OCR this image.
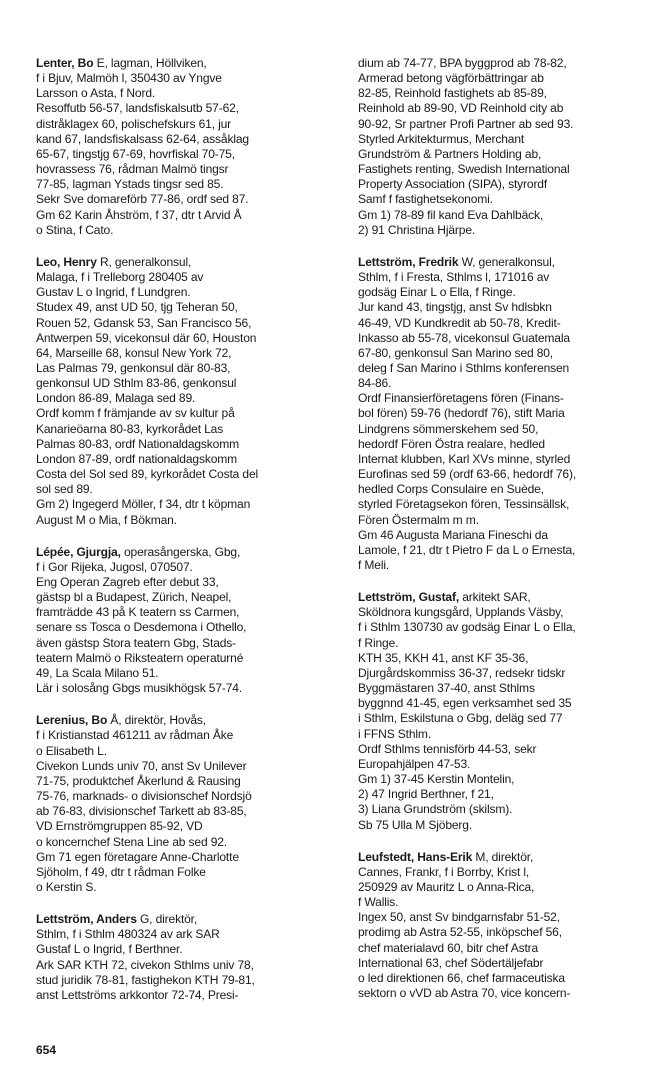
Lenter, Bo E, lagman, Höllviken,
f i Bjuv, Malmöh l, 350430 av Yngve
Larsson o Asta, f Nord.
Resoffutb 56-57, landsfiskalsutb 57-62,
distråklagex 60, polischefskurs 61, jur
kand 67, landsfiskalsass 62-64, assåklag
65-67, tingstjg 67-69, hovrfiskal 70-75,
hovrassess 76, rådman Malmö tingsr
77-85, lagman Ystads tingsr sed 85.
Sekr Sve domareförb 77-86, ordf sed 87.
Gm 62 Karin Åhström, f 37, dtr t Arvid Å
o Stina, f Cato.
Leo, Henry R, generalkonsul,
Malaga, f i Trelleborg 280405 av
Gustav L o Ingrid, f Lundgren.
Studex 49, anst UD 50, tjg Teheran 50,
Rouen 52, Gdansk 53, San Francisco 56,
Antwerpen 59, vicekonsul där 60, Houston
64, Marseille 68, konsul New York 72,
Las Palmas 79, genkonsul där 80-83,
genkonsul UD Sthlm 83-86, genkonsul
London 86-89, Malaga sed 89.
Ordf komm f främjande av sv kultur på
Kanarieöarna 80-83, kyrkorådet Las
Palmas 80-83, ordf Nationaldagskomm
London 87-89, ordf nationaldagskomm
Costa del Sol sed 89, kyrkorådet Costa del
sol sed 89.
Gm 2) Ingegerd Möller, f 34, dtr t köpman
August M o Mia, f Bökman.
Lépée, Gjurgja, operasångerska, Gbg,
f i Gor Rijeka, Jugosl, 070507.
Eng Operan Zagreb efter debut 33,
gästsp bl a Budapest, Zürich, Neapel,
framträdde 43 på K teatern ss Carmen,
senare ss Tosca o Desdemona i Othello,
även gästsp Stora teatern Gbg, Stads-
teatern Malmö o Riksteatern operaturné
49, La Scala Milano 51.
Lär i solosång Gbgs musikhögsk 57-74.
Lerenius, Bo Å, direktör, Hovås,
f i Kristianstad 461211 av rådman Åke
o Elisabeth L.
Civekon Lunds univ 70, anst Sv Unilever
71-75, produktchef Åkerlund & Rausing
75-76, marknads- o divisionschef Nordsjö
ab 76-83, divisionschef Tarkett ab 83-85,
VD Ernströmgruppen 85-92, VD
o koncernchef Stena Line ab sed 92.
Gm 71 egen företagare Anne-Charlotte
Sjöholm, f 49, dtr t rådman Folke
o Kerstin S.
Lettström, Anders G, direktör,
Sthlm, f i Sthlm 480324 av ark SAR
Gustaf L o Ingrid, f Berthner.
Ark SAR KTH 72, civekon Sthlms univ 78,
stud juridik 78-81, fastighekon KTH 79-81,
anst Lettströms arkkontor 72-74, Presi-
dium ab 74-77, BPA byggprod ab 78-82,
Armerad betong vägförbättringar ab
82-85, Reinhold fastighets ab 85-89,
Reinhold ab 89-90, VD Reinhold city ab
90-92, Sr partner Profi Partner ab sed 93.
Styrled Arkitekturmus, Merchant
Grundström & Partners Holding ab,
Fastighets renting, Swedish International
Property Association (SIPA), styrordf
Samf f fastighetsekonomi.
Gm 1) 78-89 fil kand Eva Dahlbäck,
2) 91 Christina Hjärpe.
Lettström, Fredrik W, generalkonsul,
Sthlm, f i Fresta, Sthlms l, 171016 av
godsäg Einar L o Ella, f Ringe.
Jur kand 43, tingstjg, anst Sv hdlsbkn
46-49, VD Kundkredit ab 50-78, Kredit-
Inkasso ab 55-78, vicekonsul Guatemala
67-80, genkonsul San Marino sed 80,
deleg f San Marino i Sthlms konferensen
84-86.
Ordf Finansierföretagens fören (Finans-
bol fören) 59-76 (hedordf 76), stift Maria
Lindgrens sömmerskehem sed 50,
hedordf Fören Östra realare, hedled
Internat klubben, Karl XVs minne, styrled
Eurofinas sed 59 (ordf 63-66, hedordf 76),
hedled Corps Consulaire en Suède,
styrled Företagsekon fören, Tessinsällsk,
Fören Östermalm m m.
Gm 46 Augusta Mariana Fineschi da
Lamole, f 21, dtr t Pietro F da L o Ernesta,
f Meli.
Lettström, Gustaf, arkitekt SAR,
Sköldnora kungsgård, Upplands Väsby,
f i Sthlm 130730 av godsäg Einar L o Ella,
f Ringe.
KTH 35, KKH 41, anst KF 35-36,
Djurgårdskommiss 36-37, redsekr tidskr
Byggmästaren 37-40, anst Sthlms
byggnnd 41-45, egen verksamhet sed 35
i Sthlm, Eskilstuna o Gbg, deläg sed 77
i FFNS Sthlm.
Ordf Sthlms tennisförb 44-53, sekr
Europahjälpen 47-53.
Gm 1) 37-45 Kerstin Montelin,
2) 47 Ingrid Berthner, f 21,
3) Liana Grundström (skilsm).
Sb 75 Ulla M Sjöberg.
Leufstedt, Hans-Erik M, direktör,
Cannes, Frankr, f i Borrby, Krist l,
250929 av Mauritz L o Anna-Rica,
f Wallis.
Ingex 50, anst Sv bindgarnsfabr 51-52,
prodimg ab Astra 52-55, inköpschef 56,
chef materialavd 60, bitr chef Astra
International 63, chef Södertäljefabr
o led direktionen 66, chef farmaceutiska
sektorn o vVD ab Astra 70, vice koncern-
654
